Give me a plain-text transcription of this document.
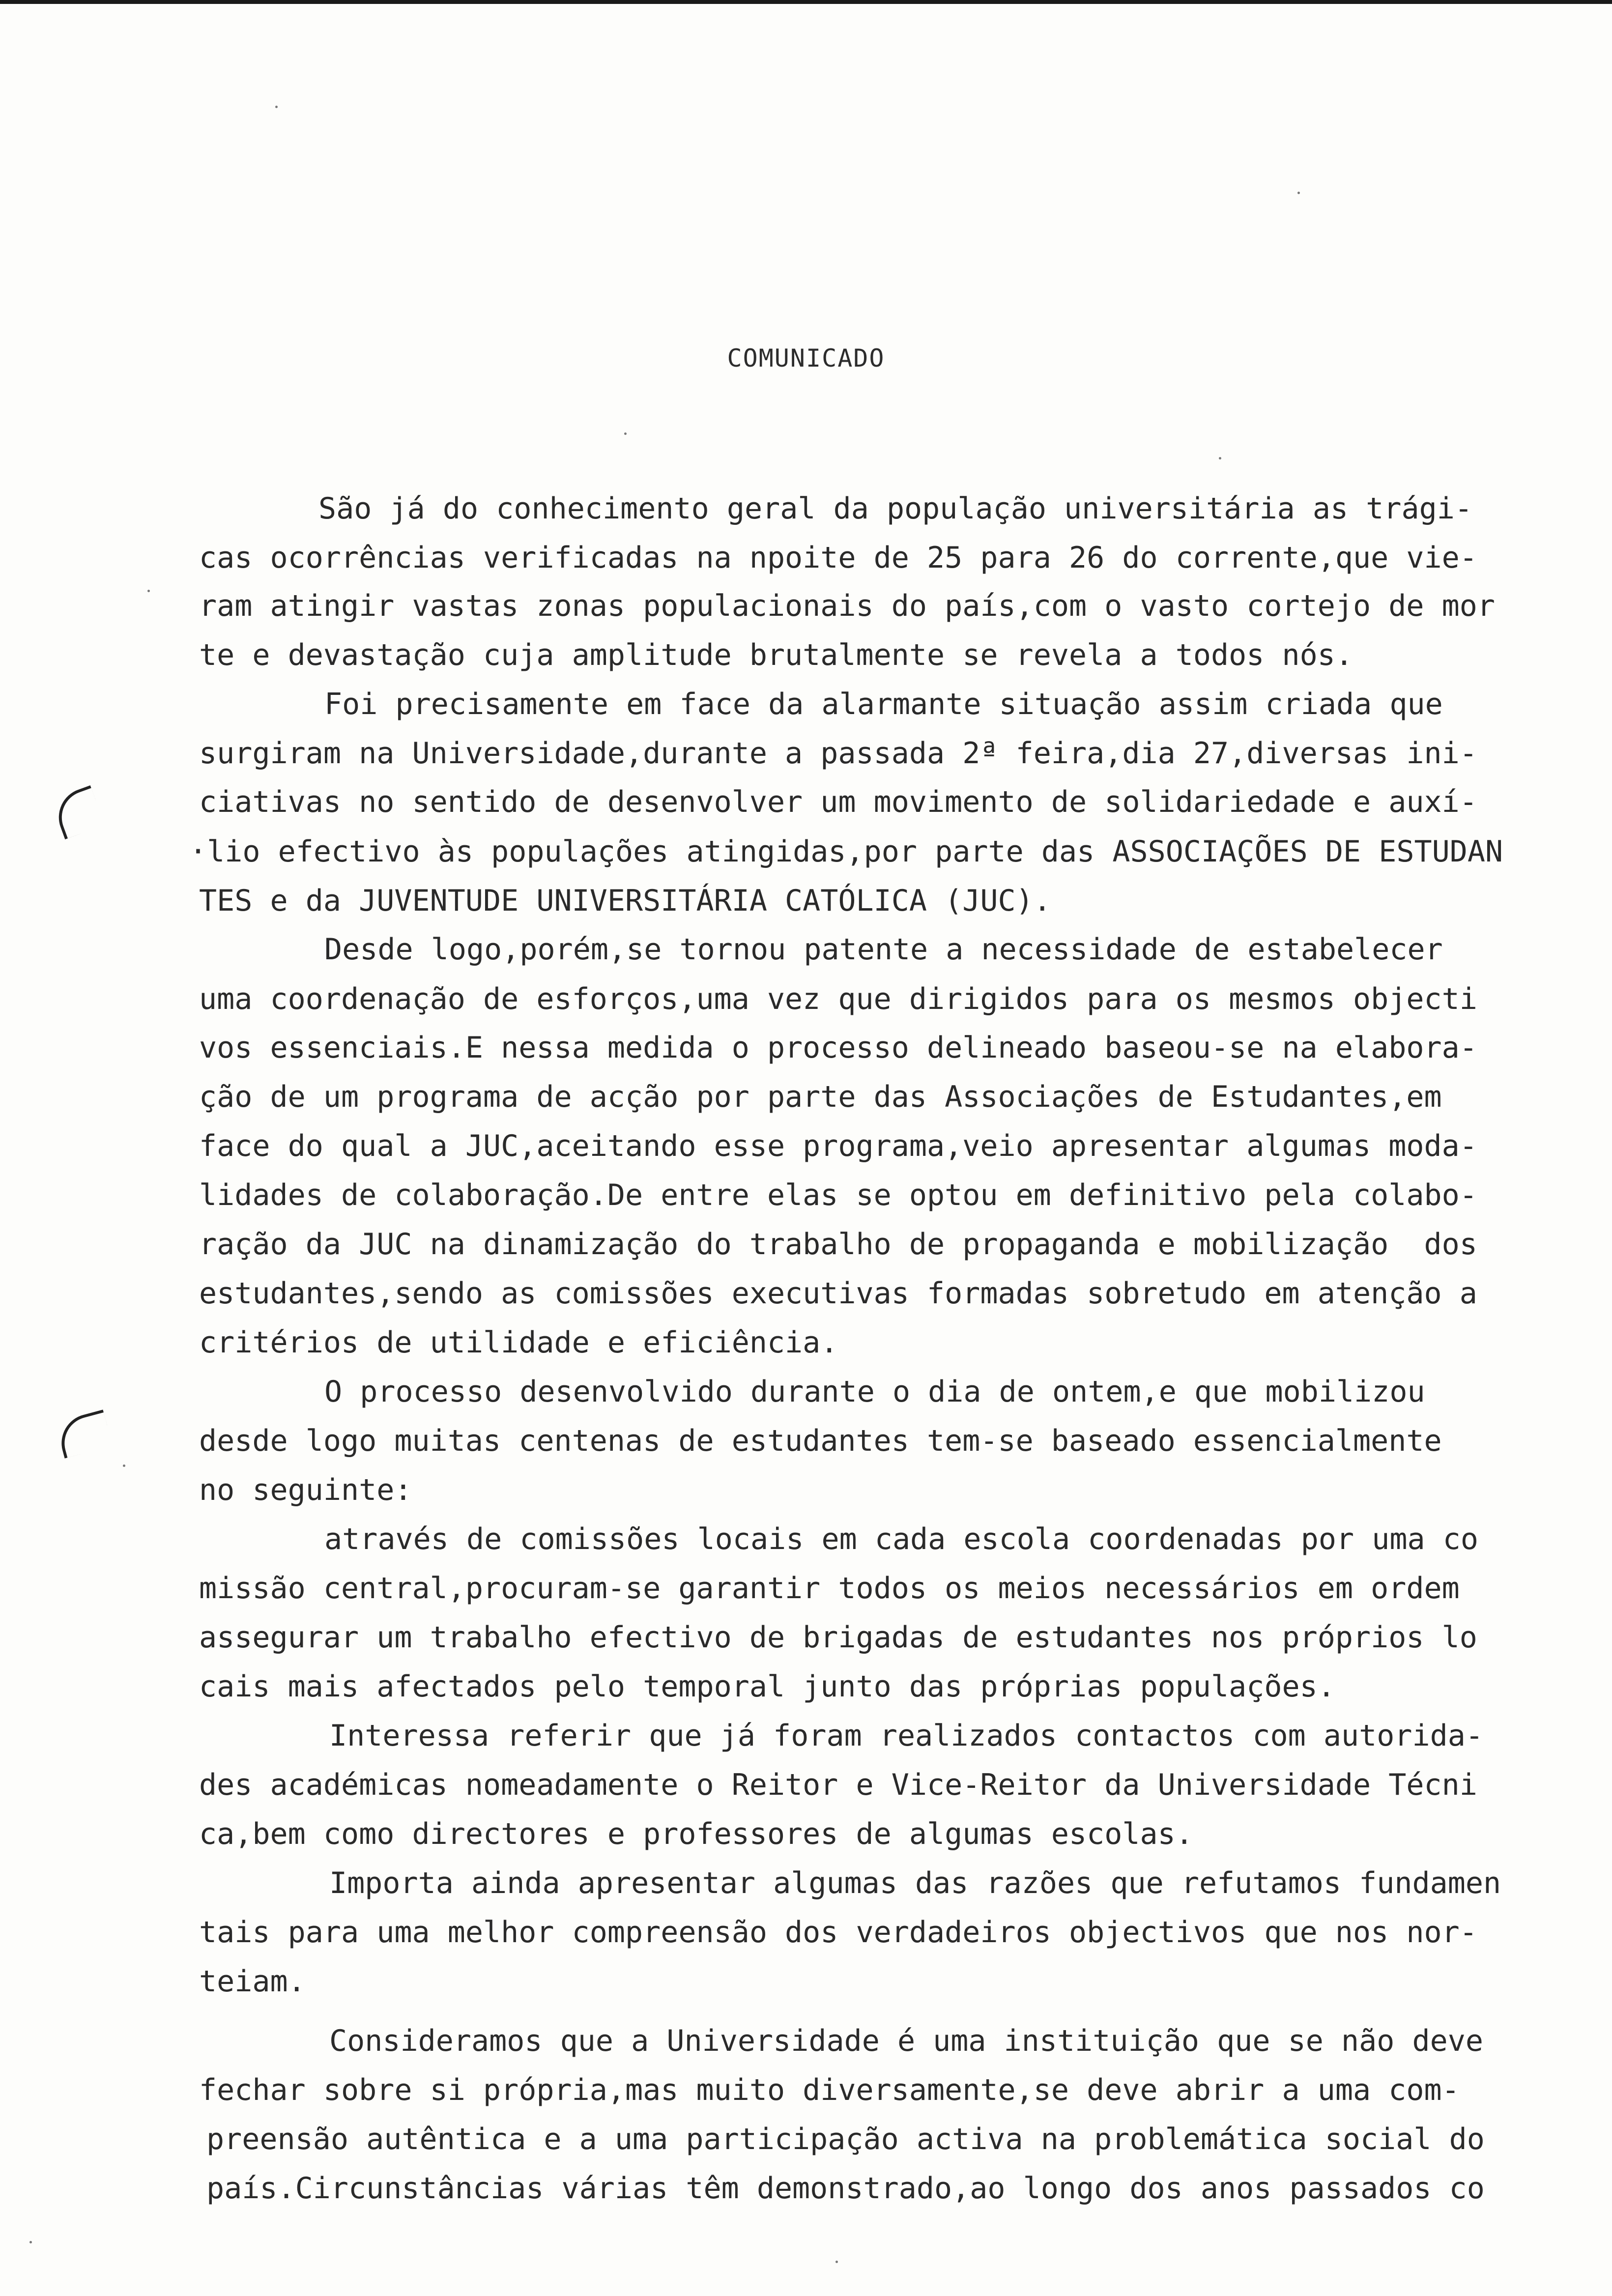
COMUNICADO
São já do conhecimento geral da população universitária as trági-
cas ocorrências verificadas na npoite de 25 para 26 do corrente,que vie-
ram atingir vastas zonas populacionais do país,com o vasto cortejo de mor
te e devastação cuja amplitude brutalmente se revela a todos nós.
Foi precisamente em face da alarmante situação assim criada que
surgiram na Universidade,durante a passada 2ª feira,dia 27,diversas ini-
ciativas no sentido de desenvolver um movimento de solidariedade e auxí-
·lio efectivo às populações atingidas,por parte das ASSOCIAÇÕES DE ESTUDAN
TES e da JUVENTUDE UNIVERSITÁRIA CATÓLICA (JUC).
Desde logo,porém,se tornou patente a necessidade de estabelecer
uma coordenação de esforços,uma vez que dirigidos para os mesmos objecti
vos essenciais.E nessa medida o processo delineado baseou-se na elabora-
ção de um programa de acção por parte das Associações de Estudantes,em
face do qual a JUC,aceitando esse programa,veio apresentar algumas moda-
lidades de colaboração.De entre elas se optou em definitivo pela colabo-
ração da JUC na dinamização do trabalho de propaganda e mobilização  dos
estudantes,sendo as comissões executivas formadas sobretudo em atenção a
critérios de utilidade e eficiência.
O processo desenvolvido durante o dia de ontem,e que mobilizou
desde logo muitas centenas de estudantes tem-se baseado essencialmente
no seguinte:
através de comissões locais em cada escola coordenadas por uma co
missão central,procuram-se garantir todos os meios necessários em ordem
assegurar um trabalho efectivo de brigadas de estudantes nos próprios lo
cais mais afectados pelo temporal junto das próprias populações.
Interessa referir que já foram realizados contactos com autorida-
des académicas nomeadamente o Reitor e Vice-Reitor da Universidade Técni
ca,bem como directores e professores de algumas escolas.
Importa ainda apresentar algumas das razões que refutamos fundamen
tais para uma melhor compreensão dos verdadeiros objectivos que nos nor-
teiam.
Consideramos que a Universidade é uma instituição que se não deve
fechar sobre si própria,mas muito diversamente,se deve abrir a uma com-
preensão autêntica e a uma participação activa na problemática social do
país.Circunstâncias várias têm demonstrado,ao longo dos anos passados co
